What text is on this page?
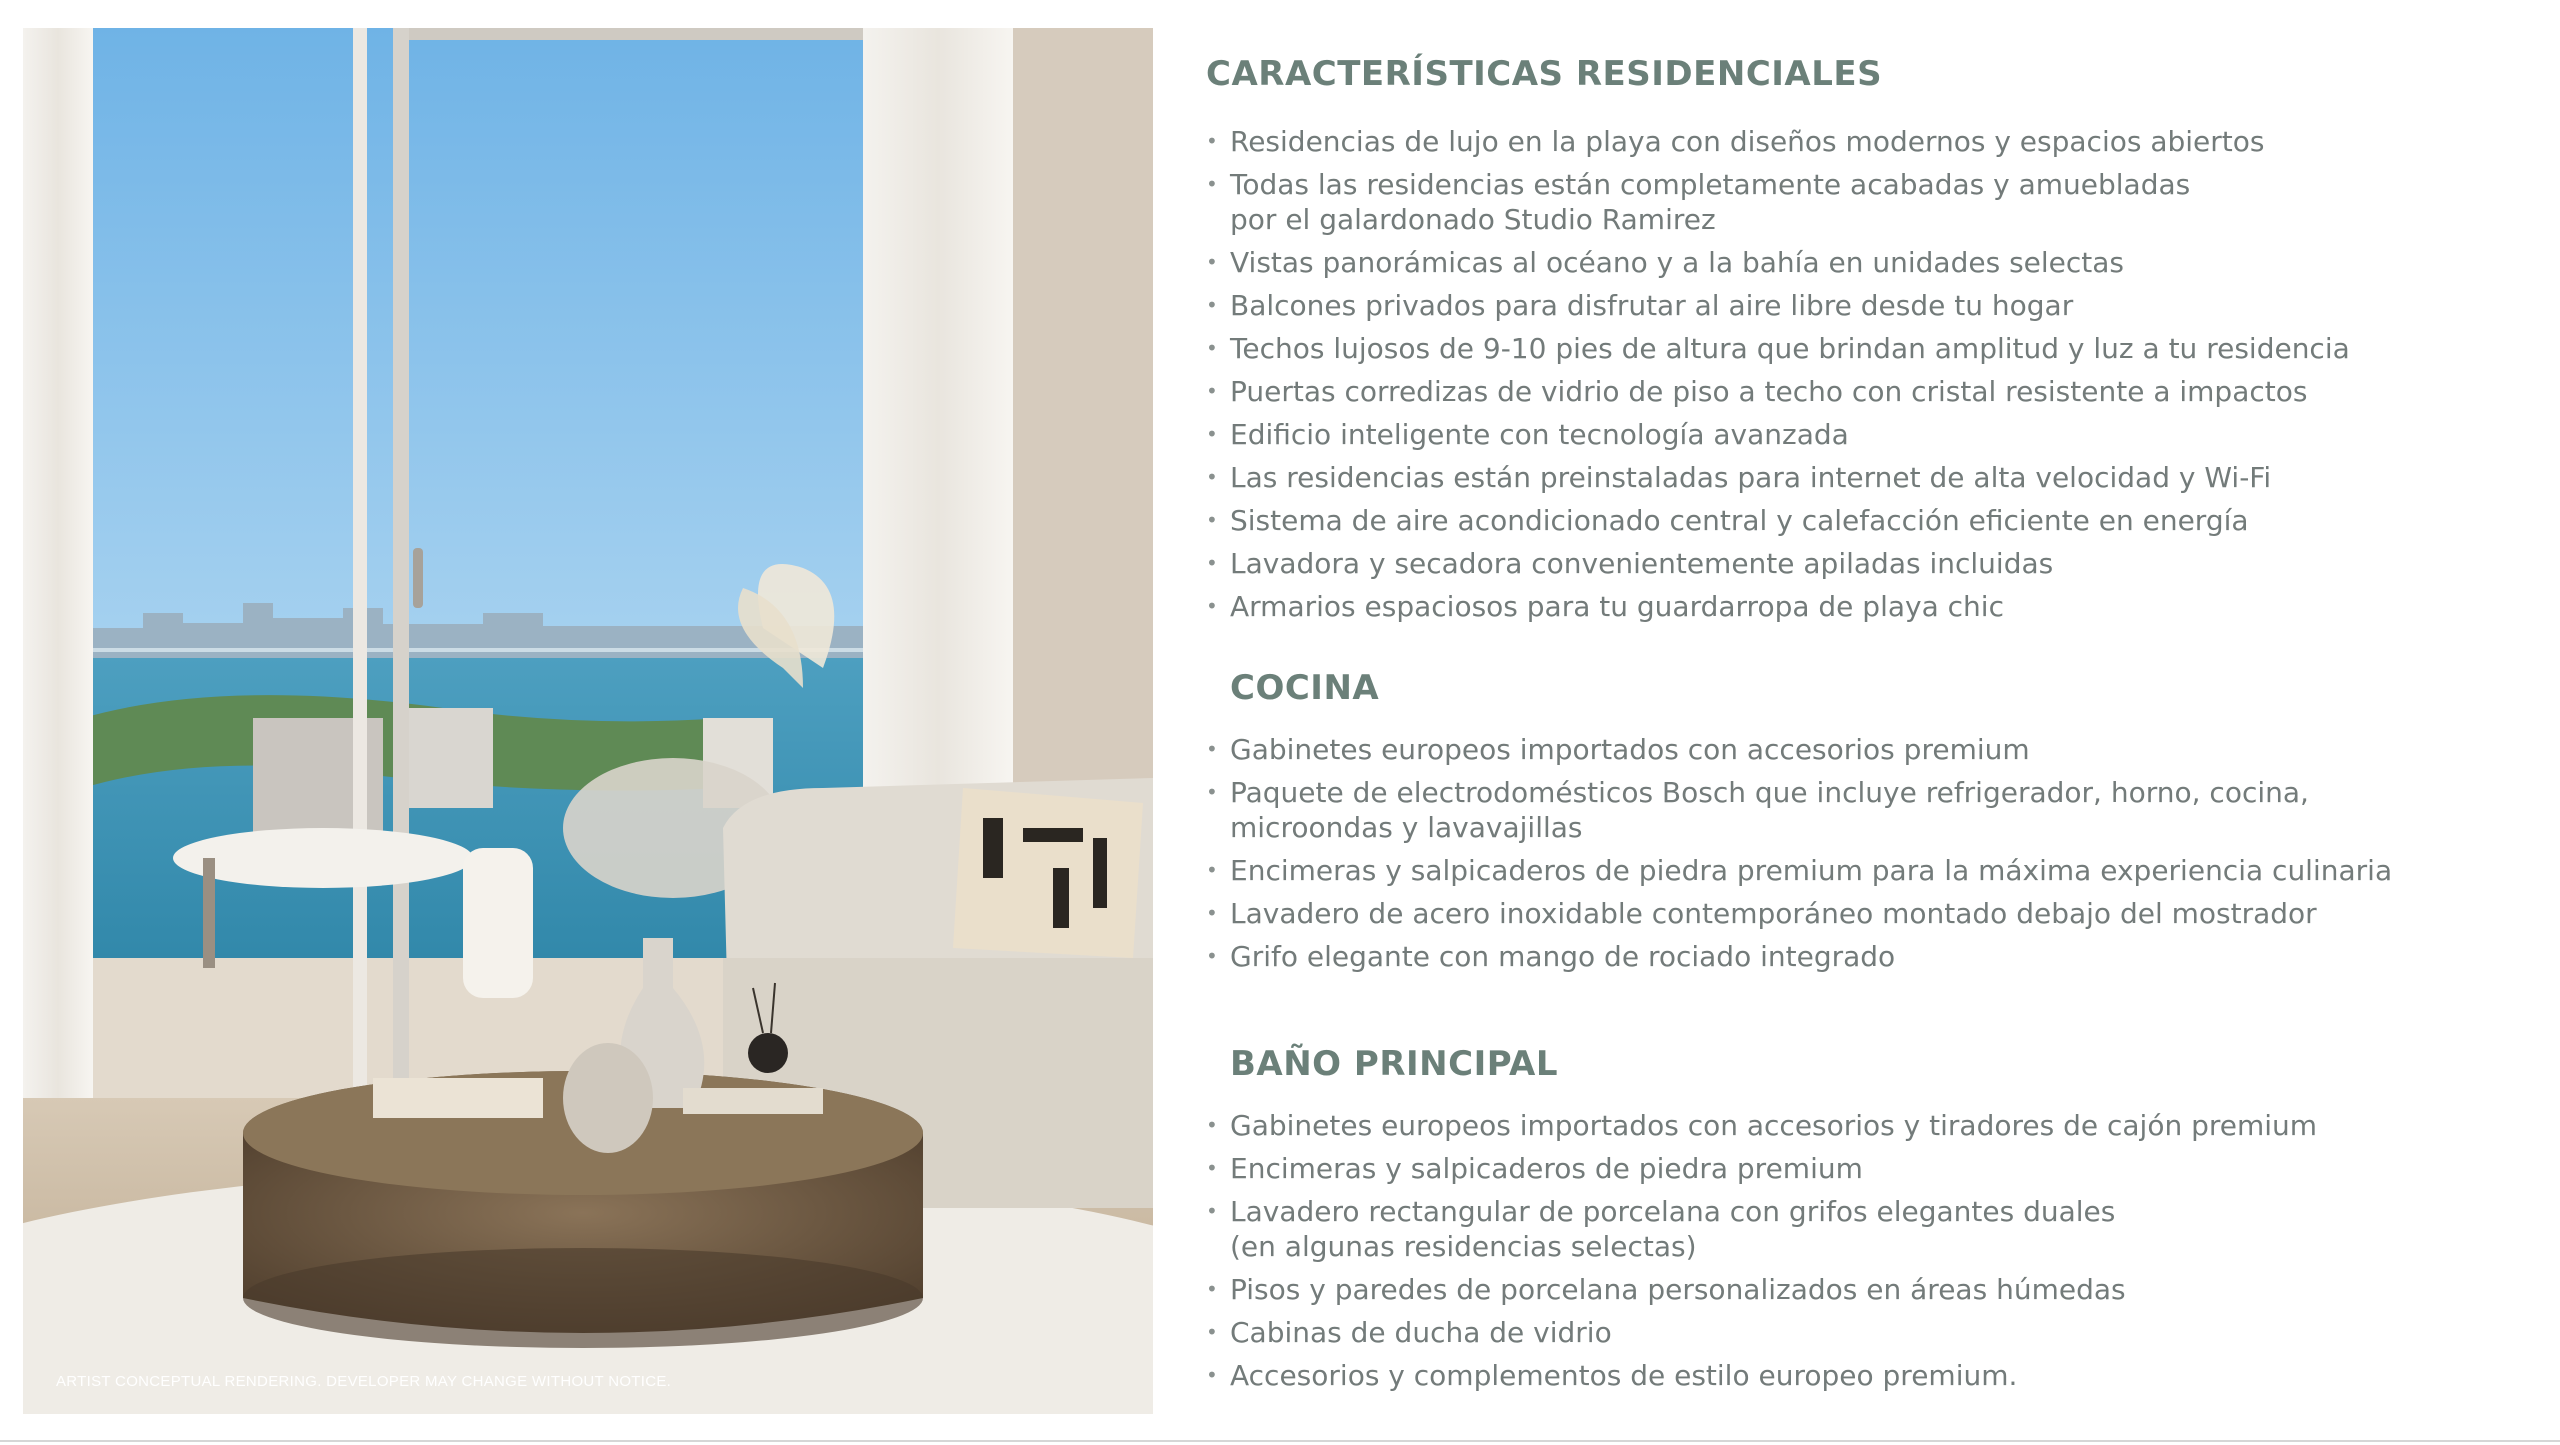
ARTIST CONCEPTUAL RENDERING. DEVELOPER MAY CHANGE WITHOUT NOTICE.
CARACTERÍSTICAS RESIDENCIALES
• Residencias de lujo en la playa con diseños modernos y espacios abiertos
• Todas las residencias están completamente acabadas y amuebladas por el galardonado Studio Ramirez
• Vistas panorámicas al océano y a la bahía en unidades selectas
• Balcones privados para disfrutar al aire libre desde tu hogar
• Techos lujosos de 9-10 pies de altura que brindan amplitud y luz a tu residencia
• Puertas corredizas de vidrio de piso a techo con cristal resistente a impactos
• Edificio inteligente con tecnología avanzada
• Las residencias están preinstaladas para internet de alta velocidad y Wi-Fi
• Sistema de aire acondicionado central y calefacción eficiente en energía
• Lavadora y secadora convenientemente apiladas incluidas
• Armarios espaciosos para tu guardarropa de playa chic
COCINA
• Gabinetes europeos importados con accesorios premium
• Paquete de electrodomésticos Bosch que incluye refrigerador, horno, cocina, microondas y lavavajillas
• Encimeras y salpicaderos de piedra premium para la máxima experiencia culinaria
• Lavadero de acero inoxidable contemporáneo montado debajo del mostrador
• Grifo elegante con mango de rociado integrado
BAÑO PRINCIPAL
• Gabinetes europeos importados con accesorios y tiradores de cajón premium
• Encimeras y salpicaderos de piedra premium
• Lavadero rectangular de porcelana con grifos elegantes duales (en algunas residencias selectas)
• Pisos y paredes de porcelana personalizados en áreas húmedas
• Cabinas de ducha de vidrio
• Accesorios y complementos de estilo europeo premium.
